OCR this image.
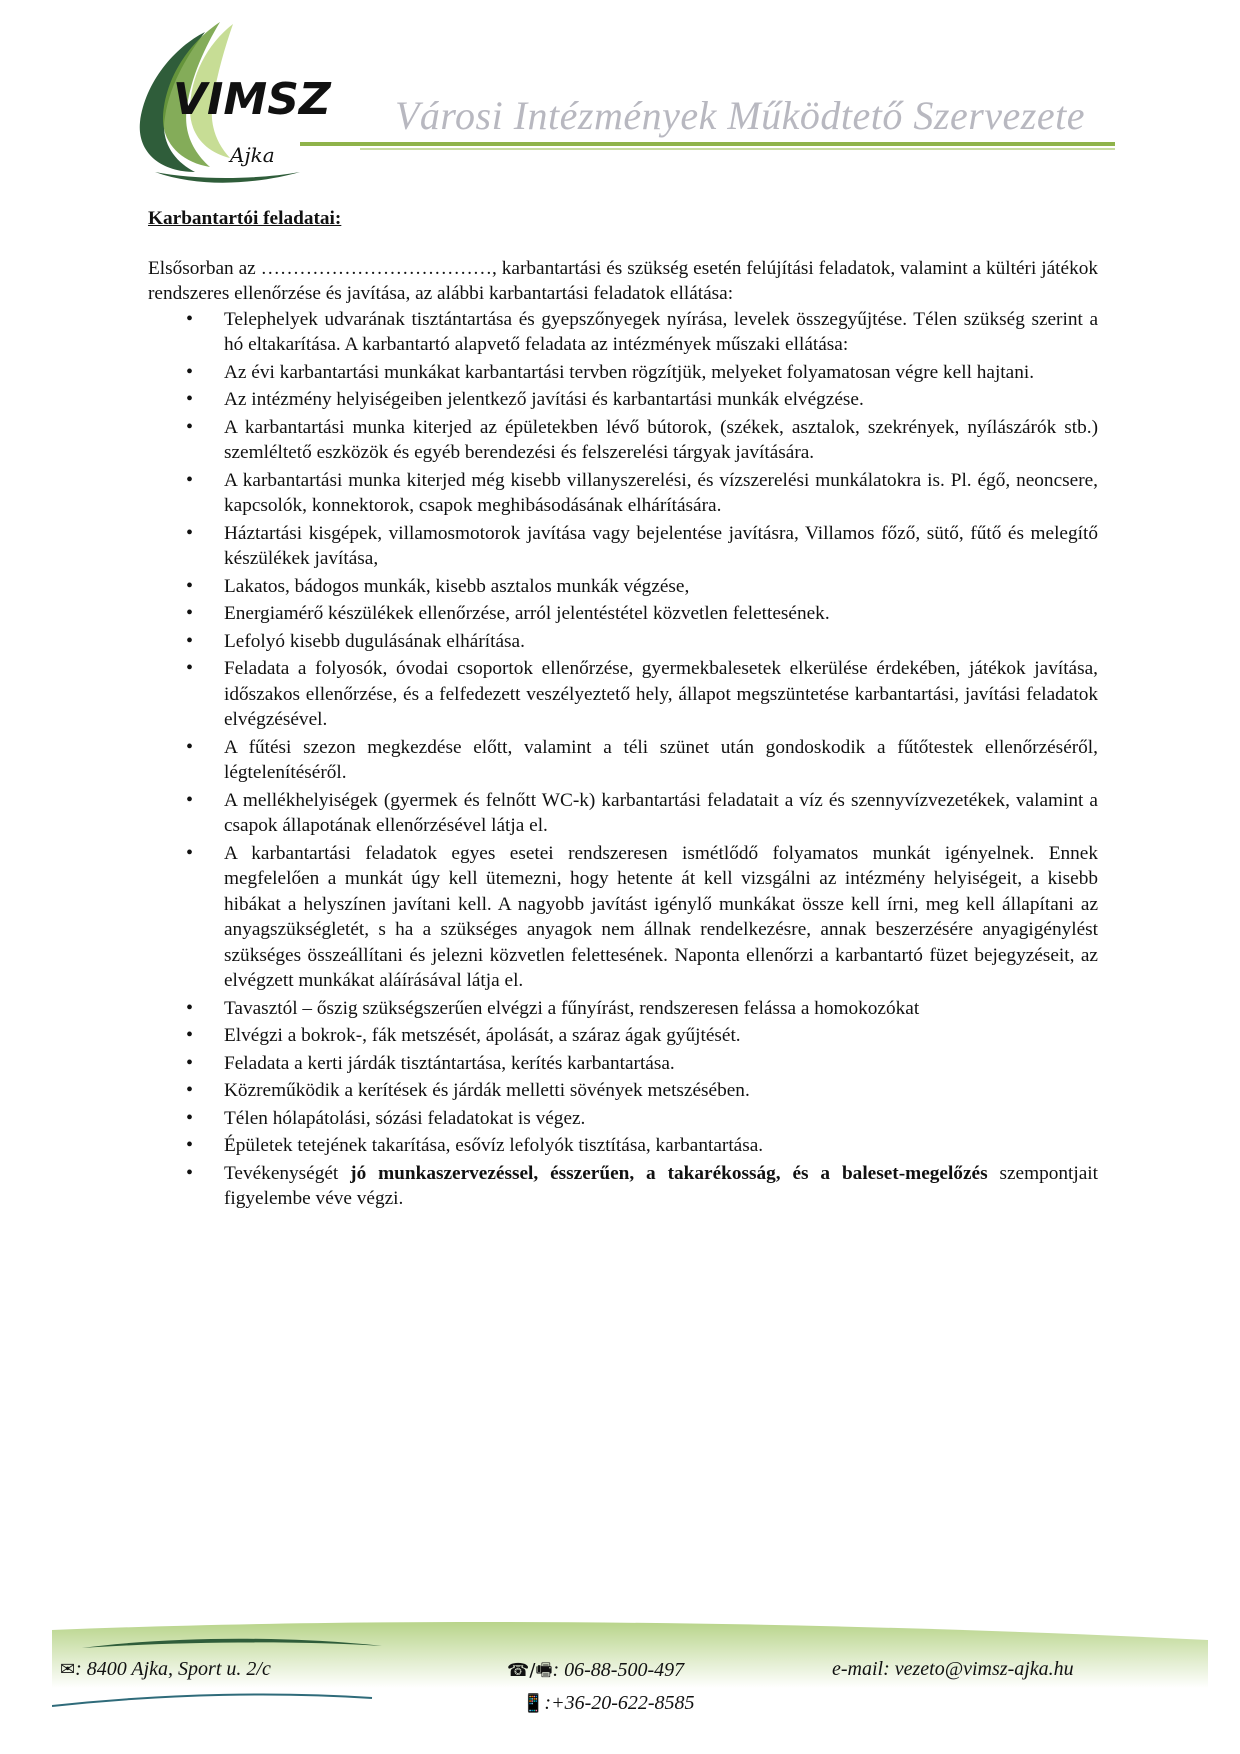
VIMSZ
Ajka
Városi Intézmények Működtető Szervezete

Karbantartói feladatai:

Elsősorban az ………………………………, karbantartási és szükség esetén felújítási feladatok, valamint a kültéri játékok rendszeres ellenőrzése és javítása, az alábbi karbantartási feladatok ellátása:

• Telephelyek udvarának tisztántartása és gyepszőnyegek nyírása, levelek összegyűjtése. Télen szükség szerint a hó eltakarítása. A karbantartó alapvető feladata az intézmények műszaki ellátása:
• Az évi karbantartási munkákat karbantartási tervben rögzítjük, melyeket folyamatosan végre kell hajtani.
• Az intézmény helyiségeiben jelentkező javítási és karbantartási munkák elvégzése.
• A karbantartási munka kiterjed az épületekben lévő bútorok, (székek, asztalok, szekrények, nyílászárók stb.) szemléltető eszközök és egyéb berendezési és felszerelési tárgyak javítására.
• A karbantartási munka kiterjed még kisebb villanyszerelési, és vízszerelési munkálatokra is. Pl. égő, neoncsere, kapcsolók, konnektorok, csapok meghibásodásának elhárítására.
• Háztartási kisgépek, villamosmotorok javítása vagy bejelentése javításra, Villamos főző, sütő, fűtő és melegítő készülékek javítása,
• Lakatos, bádogos munkák, kisebb asztalos munkák végzése,
• Energiamérő készülékek ellenőrzése, arról jelentéstétel közvetlen felettesének.
• Lefolyó kisebb dugulásának elhárítása.
• Feladata a folyosók, óvodai csoportok ellenőrzése, gyermekbalesetek elkerülése érdekében, játékok javítása, időszakos ellenőrzése, és a felfedezett veszélyeztető hely, állapot megszüntetése karbantartási, javítási feladatok elvégzésével.
• A fűtési szezon megkezdése előtt, valamint a téli szünet után gondoskodik a fűtőtestek ellenőrzéséről, légtelenítéséről.
• A mellékhelyiségek (gyermek és felnőtt WC-k) karbantartási feladatait a víz és szennyvízvezetékek, valamint a csapok állapotának ellenőrzésével látja el.
• A karbantartási feladatok egyes esetei rendszeresen ismétlődő folyamatos munkát igényelnek. Ennek megfelelően a munkát úgy kell ütemezni, hogy hetente át kell vizsgálni az intézmény helyiségeit, a kisebb hibákat a helyszínen javítani kell. A nagyobb javítást igénylő munkákat össze kell írni, meg kell állapítani az anyagszükségletét, s ha a szükséges anyagok nem állnak rendelkezésre, annak beszerzésére anyagigénylést szükséges összeállítani és jelezni közvetlen felettesének. Naponta ellenőrzi a karbantartó füzet bejegyzéseit, az elvégzett munkákat aláírásával látja el.
• Tavasztól – őszig szükségszerűen elvégzi a fűnyírást, rendszeresen felássa a homokozókat
• Elvégzi a bokrok-, fák metszését, ápolását, a száraz ágak gyűjtését.
• Feladata a kerti járdák tisztántartása, kerítés karbantartása.
• Közreműködik a kerítések és járdák melletti sövények metszésében.
• Télen hólapátolási, sózási feladatokat is végez.
• Épületek tetejének takarítása, esővíz lefolyók tisztítása, karbantartása.
• Tevékenységét jó munkaszervezéssel, ésszerűen, a takarékosság, és a baleset-megelőzés szempontjait figyelembe véve végzi.
✉: 8400 Ajka, Sport u. 2/c	☎/🖷: 06-88-500-497	e-mail: vezeto@vimsz-ajka.hu
📱:+36-20-622-8585
